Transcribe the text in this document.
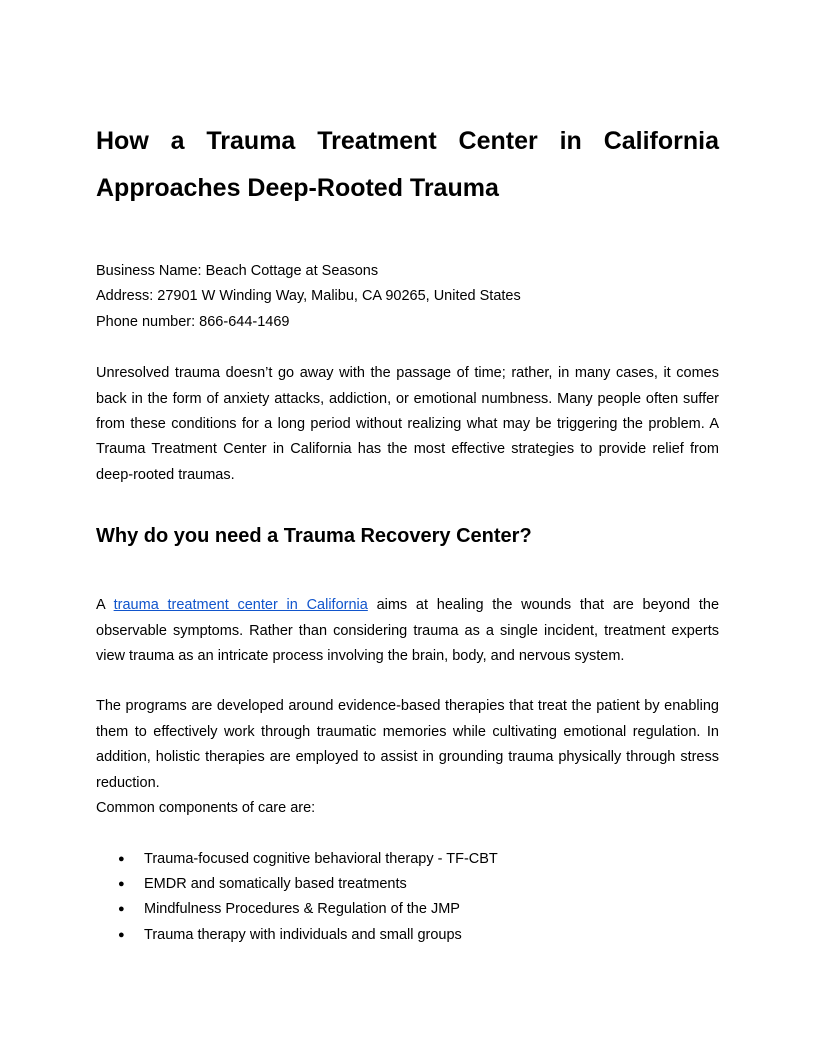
How a Trauma Treatment Center in California Approaches Deep-Rooted Trauma

Business Name: Beach Cottage at Seasons

Address: 27901 W Winding Way, Malibu, CA 90265, United States

Phone number: 866-644-1469

Unresolved trauma doesn’t go away with the passage of time; rather, in many cases, it comes back in the form of anxiety attacks, addiction, or emotional numbness. Many people often suffer from these conditions for a long period without realizing what may be triggering the problem. A Trauma Treatment Center in California has the most effective strategies to provide relief from deep-rooted traumas.

Why do you need a Trauma Recovery Center?

A trauma treatment center in California aims at healing the wounds that are beyond the observable symptoms. Rather than considering trauma as a single incident, treatment experts view trauma as an intricate process involving the brain, body, and nervous system.

The programs are developed around evidence-based therapies that treat the patient by enabling them to effectively work through traumatic memories while cultivating emotional regulation. In addition, holistic therapies are employed to assist in grounding trauma physically through stress reduction.

Common components of care are:

● Trauma-focused cognitive behavioral therapy - TF-CBT
● EMDR and somatically based treatments
● Mindfulness Procedures & Regulation of the JMP
● Trauma therapy with individuals and small groups
